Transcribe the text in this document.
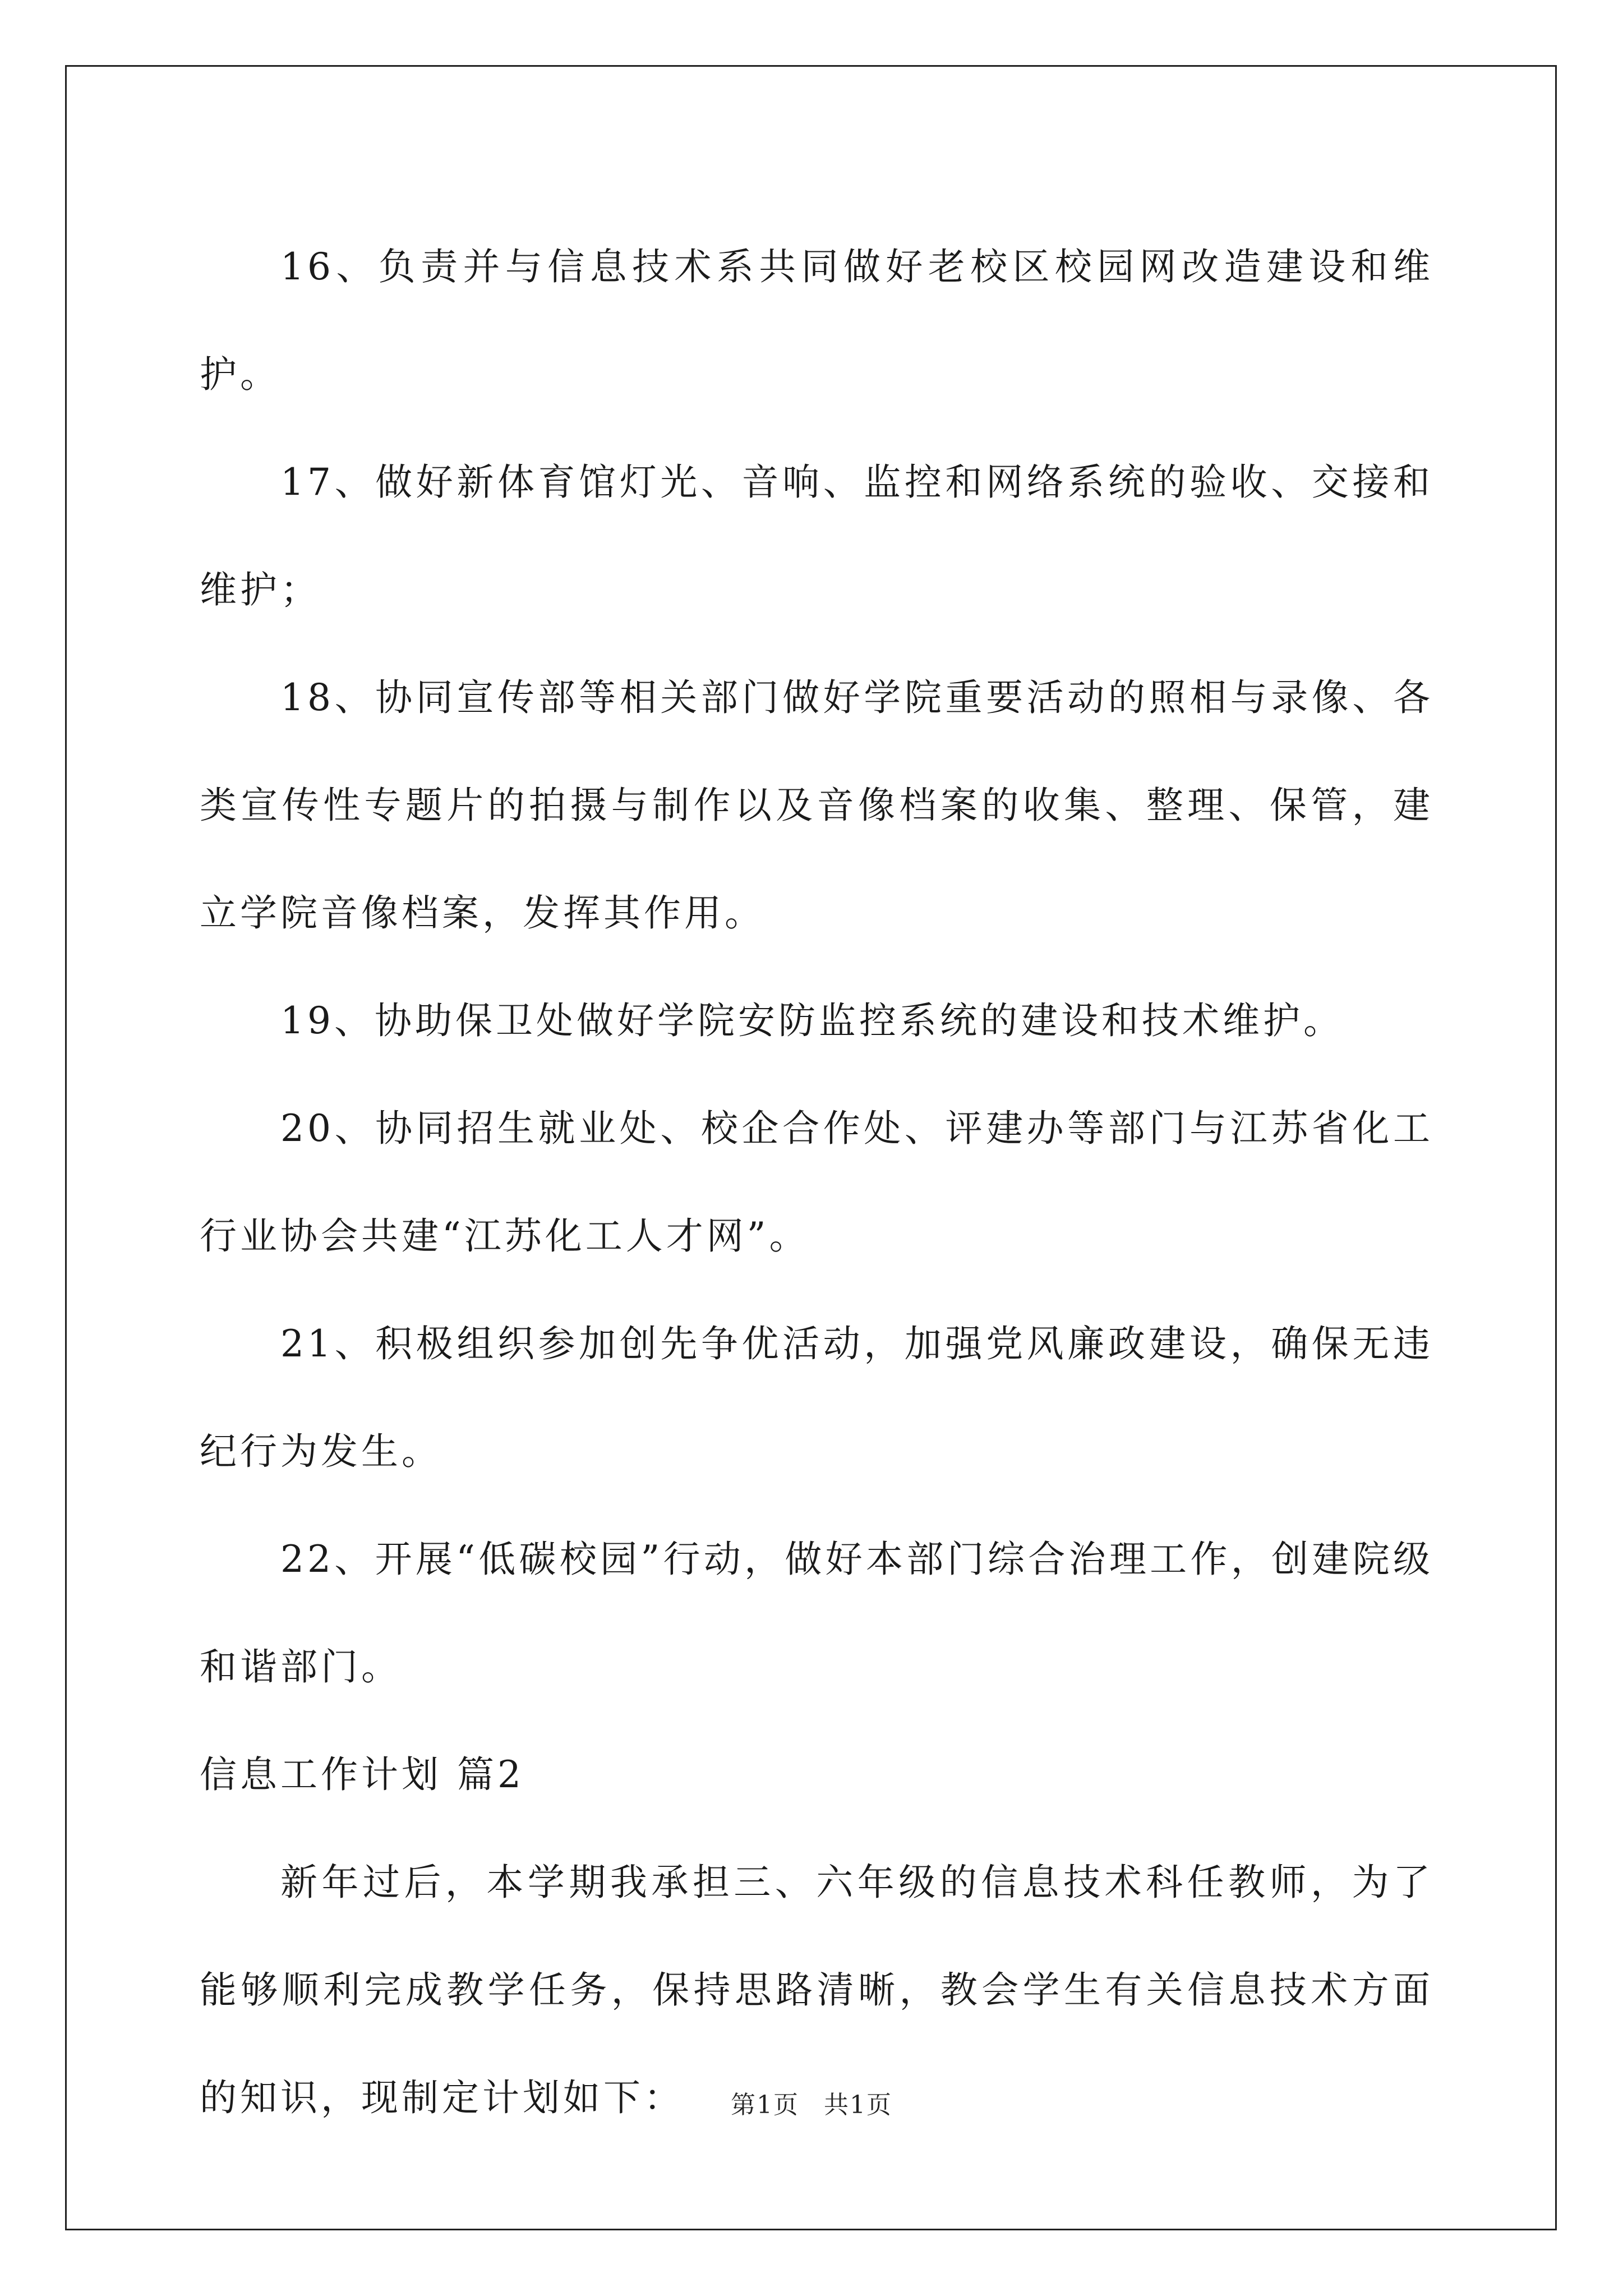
16、负责并与信息技术系共同做好老校区校园网改造建设和维护。

17、做好新体育馆灯光、音响、监控和网络系统的验收、交接和维护；

18、协同宣传部等相关部门做好学院重要活动的照相与录像、各类宣传性专题片的拍摄与制作以及音像档案的收集、整理、保管，建立学院音像档案，发挥其作用。

19、协助保卫处做好学院安防监控系统的建设和技术维护。

20、协同招生就业处、校企合作处、评建办等部门与江苏省化工行业协会共建“江苏化工人才网”。

21、积极组织参加创先争优活动，加强党风廉政建设，确保无违纪行为发生。

22、开展“低碳校园”行动，做好本部门综合治理工作，创建院级和谐部门。

信息工作计划 篇2

新年过后，本学期我承担三、六年级的信息技术科任教师，为了能够顺利完成教学任务，保持思路清晰，教会学生有关信息技术方面的知识，现制定计划如下：	第1页 共1页
